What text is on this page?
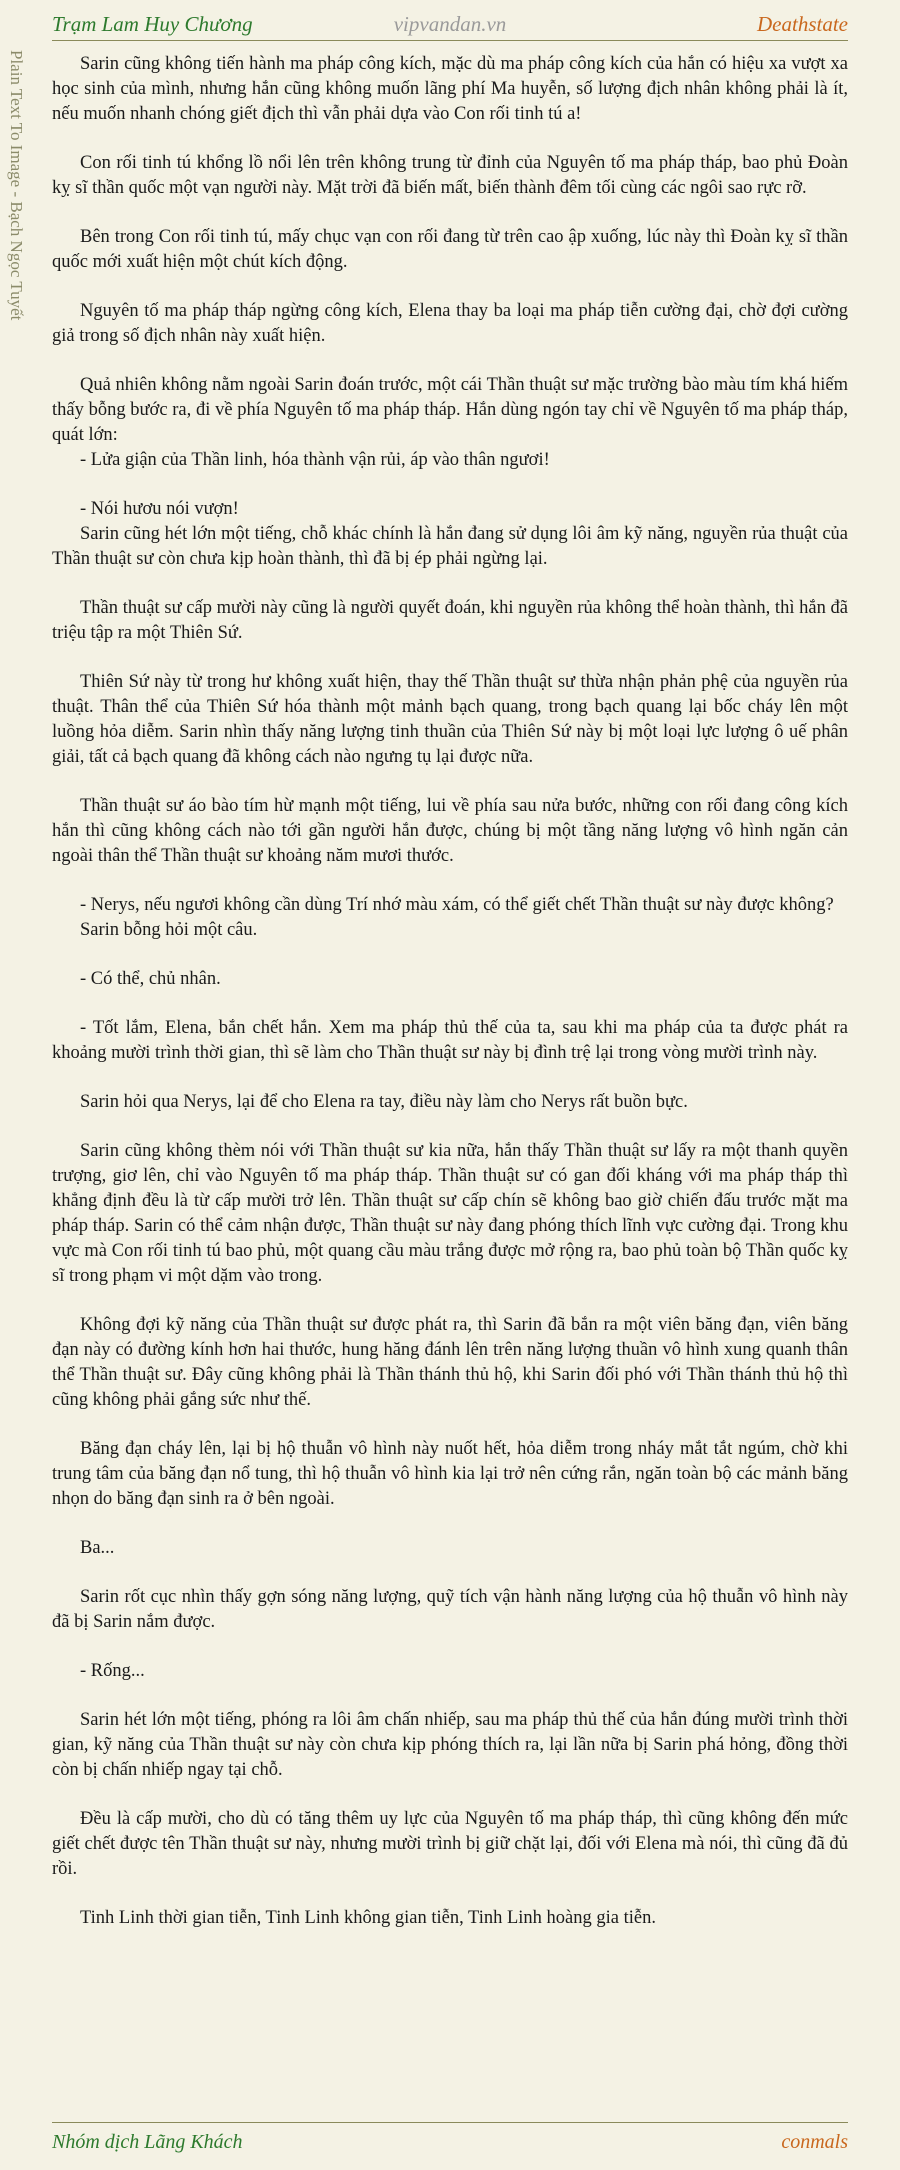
Trạm Lam Huy Chương	vipvandan.vn	Deathstate
Plain Text To Image - Bạch Ngọc Tuyết	Sarin cũng không tiến hành ma pháp công kích, mặc dù ma pháp công kích của hắn có hiệu xa vượt xa học sinh của mình, nhưng hắn cũng không muốn lãng phí Ma huyễn, số lượng địch nhân không phải là ít, nếu muốn nhanh chóng giết địch thì vẫn phải dựa vào Con rối tinh tú a!

Con rối tinh tú khổng lồ nổi lên trên không trung từ đỉnh của Nguyên tố ma pháp tháp, bao phủ Đoàn kỵ sĩ thần quốc một vạn người này. Mặt trời đã biến mất, biến thành đêm tối cùng các ngôi sao rực rỡ.

Bên trong Con rối tinh tú, mấy chục vạn con rối đang từ trên cao ập xuống, lúc này thì Đoàn kỵ sĩ thần quốc mới xuất hiện một chút kích động.

Nguyên tố ma pháp tháp ngừng công kích, Elena thay ba loại ma pháp tiễn cường đại, chờ đợi cường giả trong số địch nhân này xuất hiện.

Quả nhiên không nằm ngoài Sarin đoán trước, một cái Thần thuật sư mặc trường bào màu tím khá hiếm thấy bỗng bước ra, đi về phía Nguyên tố ma pháp tháp. Hắn dùng ngón tay chỉ về Nguyên tố ma pháp tháp, quát lớn:

- Lửa giận của Thần linh, hóa thành vận rủi, áp vào thân ngươi!

- Nói hươu nói vượn!

Sarin cũng hét lớn một tiếng, chỗ khác chính là hắn đang sử dụng lôi âm kỹ năng, nguyền rủa thuật của Thần thuật sư còn chưa kịp hoàn thành, thì đã bị ép phải ngừng lại.

Thần thuật sư cấp mười này cũng là người quyết đoán, khi nguyền rủa không thể hoàn thành, thì hắn đã triệu tập ra một Thiên Sứ.

Thiên Sứ này từ trong hư không xuất hiện, thay thế Thần thuật sư thừa nhận phản phệ của nguyền rủa thuật. Thân thể của Thiên Sứ hóa thành một mảnh bạch quang, trong bạch quang lại bốc cháy lên một luồng hỏa diễm. Sarin nhìn thấy năng lượng tinh thuần của Thiên Sứ này bị một loại lực lượng ô uế phân giải, tất cả bạch quang đã không cách nào ngưng tụ lại được nữa.

Thần thuật sư áo bào tím hừ mạnh một tiếng, lui về phía sau nửa bước, những con rối đang công kích hắn thì cũng không cách nào tới gần người hắn được, chúng bị một tầng năng lượng vô hình ngăn cản ngoài thân thể Thần thuật sư khoảng năm mươi thước.

- Nerys, nếu ngươi không cần dùng Trí nhớ màu xám, có thể giết chết Thần thuật sư này được không?

Sarin bỗng hỏi một câu.

- Có thể, chủ nhân.

- Tốt lắm, Elena, bắn chết hắn. Xem ma pháp thủ thế của ta, sau khi ma pháp của ta được phát ra khoảng mười trình thời gian, thì sẽ làm cho Thần thuật sư này bị đình trệ lại trong vòng mười trình này.

Sarin hỏi qua Nerys, lại để cho Elena ra tay, điều này làm cho Nerys rất buồn bực.

Sarin cũng không thèm nói với Thần thuật sư kia nữa, hắn thấy Thần thuật sư lấy ra một thanh quyền trượng, giơ lên, chỉ vào Nguyên tố ma pháp tháp. Thần thuật sư có gan đối kháng với ma pháp tháp thì khẳng định đều là từ cấp mười trở lên. Thần thuật sư cấp chín sẽ không bao giờ chiến đấu trước mặt ma pháp tháp. Sarin có thể cảm nhận được, Thần thuật sư này đang phóng thích lĩnh vực cường đại. Trong khu vực mà Con rối tinh tú bao phủ, một quang cầu màu trắng được mở rộng ra, bao phủ toàn bộ Thần quốc kỵ sĩ trong phạm vi một dặm vào trong.

Không đợi kỹ năng của Thần thuật sư được phát ra, thì Sarin đã bắn ra một viên băng đạn, viên băng đạn này có đường kính hơn hai thước, hung hăng đánh lên trên năng lượng thuần vô hình xung quanh thân thể Thần thuật sư. Đây cũng không phải là Thần thánh thủ hộ, khi Sarin đối phó với Thần thánh thủ hộ thì cũng không phải gắng sức như thế.

Băng đạn cháy lên, lại bị hộ thuẫn vô hình này nuốt hết, hỏa diễm trong nháy mắt tắt ngúm, chờ khi trung tâm của băng đạn nổ tung, thì hộ thuẫn vô hình kia lại trở nên cứng rắn, ngăn toàn bộ các mảnh băng nhọn do băng đạn sinh ra ở bên ngoài.

Ba...

Sarin rốt cục nhìn thấy gợn sóng năng lượng, quỹ tích vận hành năng lượng của hộ thuẫn vô hình này đã bị Sarin nắm được.

- Rống...

Sarin hét lớn một tiếng, phóng ra lôi âm chấn nhiếp, sau ma pháp thủ thế của hắn đúng mười trình thời gian, kỹ năng của Thần thuật sư này còn chưa kịp phóng thích ra, lại lần nữa bị Sarin phá hỏng, đồng thời còn bị chấn nhiếp ngay tại chỗ.

Đều là cấp mười, cho dù có tăng thêm uy lực của Nguyên tố ma pháp tháp, thì cũng không đến mức giết chết được tên Thần thuật sư này, nhưng mười trình bị giữ chặt lại, đối với Elena mà nói, thì cũng đã đủ rồi.

Tinh Linh thời gian tiễn, Tinh Linh không gian tiễn, Tinh Linh hoàng gia tiễn.

Nhóm dịch Lãng Khách	conmals
